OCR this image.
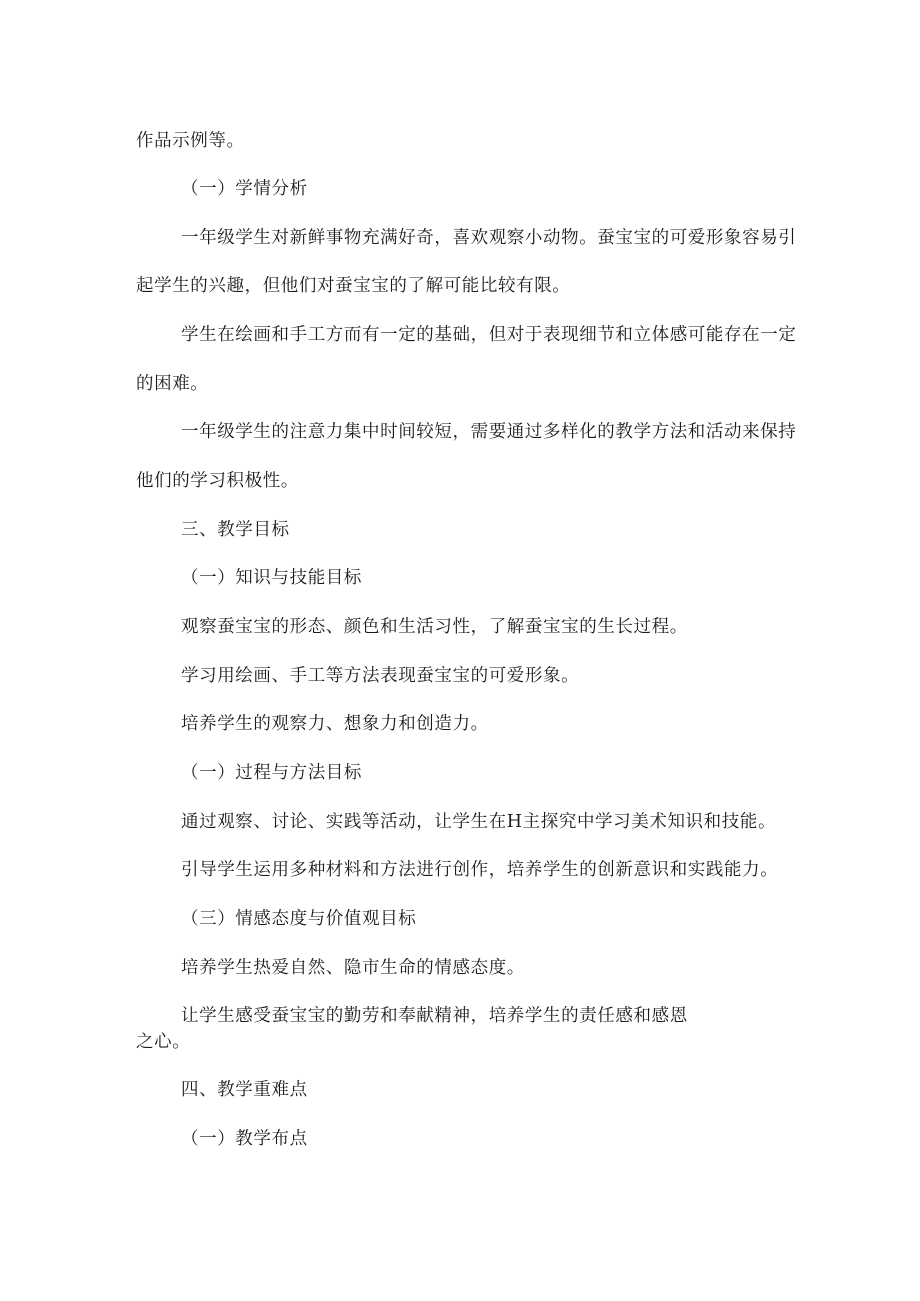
作品示例等。
（一）学情分析
一年级学生对新鲜事物充满好奇，喜欢观察小动物。蚕宝宝的可爱形象容易引
起学生的兴趣，但他们对蚕宝宝的了解可能比较有限。
学生在绘画和手工方而有一定的基础，但对于表现细节和立体感可能存在一定
的困难。
一年级学生的注意力集中时间较短，需要通过多样化的教学方法和活动来保持
他们的学习积极性。
三、教学目标
（一）知识与技能目标
观察蚕宝宝的形态、颜色和生活习性，了解蚕宝宝的生长过程。
学习用绘画、手工等方法表现蚕宝宝的可爱形象。
培养学生的观察力、想象力和创造力。
（一）过程与方法目标
通过观察、讨论、实践等活动，让学生在H主探究中学习美术知识和技能。
引导学生运用多种材料和方法进行创作，培养学生的创新意识和实践能力。
（三）情感态度与价值观目标
培养学生热爱自然、隐市生命的情感态度。
让学生感受蚕宝宝的勤劳和奉献精神，培养学生的责任感和感恩
之心。
四、教学重难点
（一）教学布点
